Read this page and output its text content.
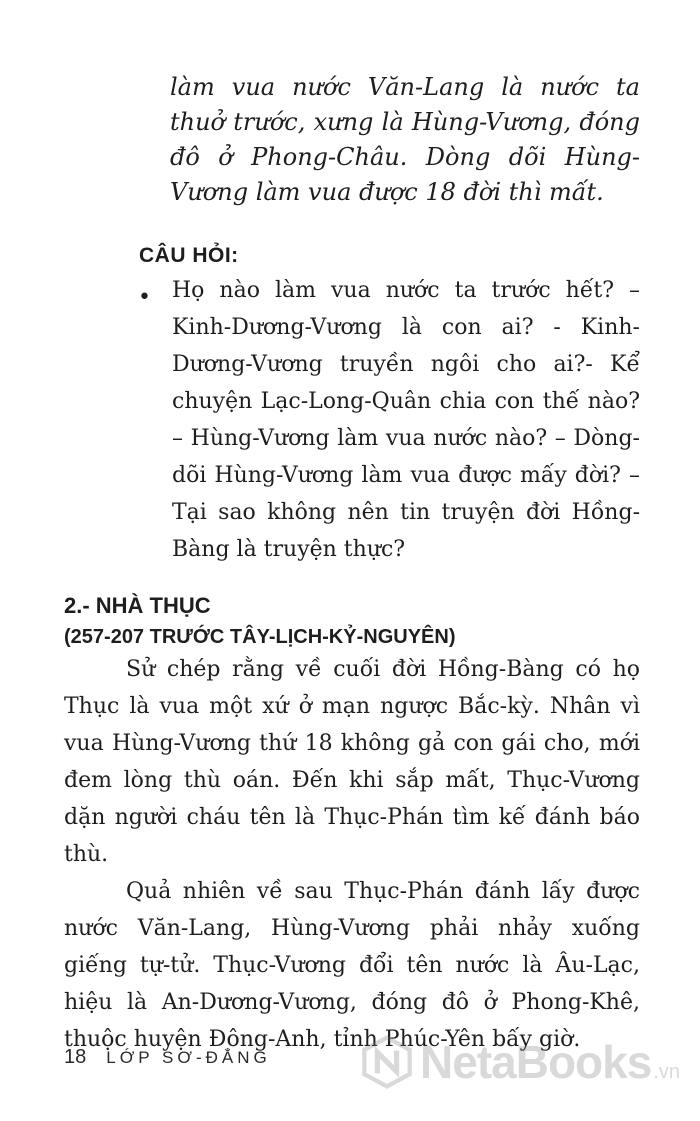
làm vua nước Văn-Lang là nước ta thuở trước, xưng là Hùng-Vương, đóng đô ở Phong-Châu. Dòng dõi Hùng-Vương làm vua được 18 đời thì mất.
CÂU HỎI:
• Họ nào làm vua nước ta trước hết? – Kinh-Dương-Vương là con ai? - Kinh-Dương-Vương truyền ngôi cho ai?- Kể chuyện Lạc-Long-Quân chia con thế nào? – Hùng-Vương làm vua nước nào? – Dòng-dõi Hùng-Vương làm vua được mấy đời? – Tại sao không nên tin truyện đời Hồng-Bàng là truyện thực?
2.- NHÀ THỤC
(257-207 TRƯỚC TÂY-LỊCH-KỶ-NGUYÊN)

Sử chép rằng về cuối đời Hồng-Bàng có họ Thục là vua một xứ ở mạn ngược Bắc-kỳ. Nhân vì vua Hùng-Vương thứ 18 không gả con gái cho, mới đem lòng thù oán. Đến khi sắp mất, Thục-Vương dặn người cháu tên là Thục-Phán tìm kế đánh báo thù.

Quả nhiên về sau Thục-Phán đánh lấy được nước Văn-Lang, Hùng-Vương phải nhảy xuống giếng tự-tử. Thục-Vương đổi tên nước là Âu-Lạc, hiệu là An-Dương-Vương, đóng đô ở Phong-Khê, thuộc huyện Đông-Anh, tỉnh Phúc-Yên bấy giờ.

18 LỚP SƠ-ĐẲNG	NetaBooks .vn
